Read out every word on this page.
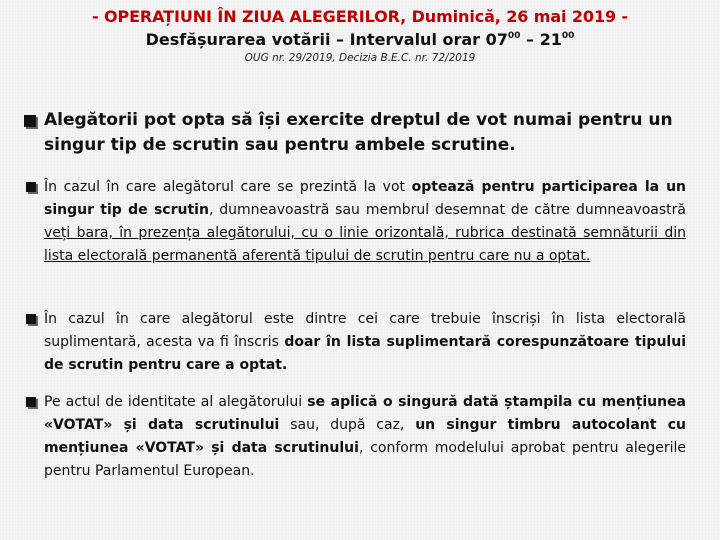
- OPERAȚIUNI ÎN ZIUA ALEGERILOR, Duminică, 26 mai 2019 -
Desfășurarea votării – Intervalul orar $07^{00} - 21^{00}$
OUG nr. 29/2019, Decizia B.E.C. nr. 72/2019
Alegătorii pot opta să își exercite dreptul de vot numai pentru un singur tip de scrutin sau pentru ambele scrutine.
În cazul în care alegătorul care se prezintă la vot optează pentru participarea la un singur tip de scrutin, dumneavoastră sau membrul desemnat de către dumneavoastră veți bara, în prezența alegătorului, cu o linie orizontală, rubrica destinată semnăturii din lista electorală permanentă aferentă tipului de scrutin pentru care nu a optat.
În cazul în care alegătorul este dintre cei care trebuie înscriși în lista electorală suplimentară, acesta va fi înscris doar în lista suplimentară corespunzătoare tipului de scrutin pentru care a optat.
Pe actul de identitate al alegătorului se aplică o singură dată ștampila cu mențiunea «VOTAT» și data scrutinului sau, după caz, un singur timbru autocolant cu mențiunea «VOTAT» și data scrutinului, conform modelului aprobat pentru alegerile pentru Parlamentul European.
